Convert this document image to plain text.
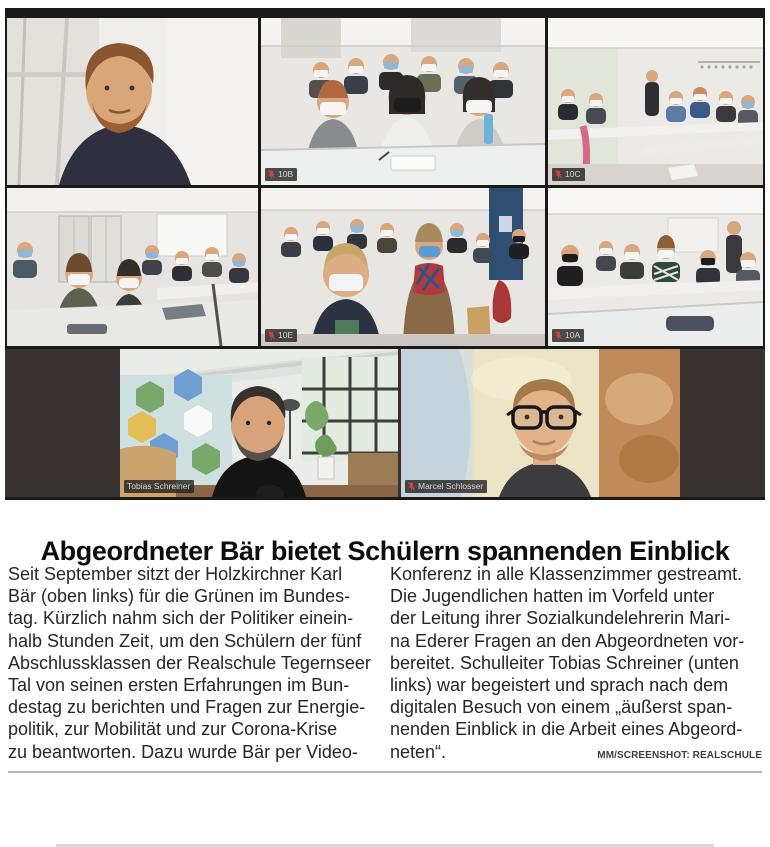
10B	10C
10E	10A
Tobias Schreiner	Marcel Schlosser
Abgeordneter Bär bietet Schülern spannenden Einblick
Seit September sitzt der Holzkirchner Karl
Bär (oben links) für die Grünen im Bundes-
tag. Kürzlich nahm sich der Politiker einein-
halb Stunden Zeit, um den Schülern der fünf
Abschlussklassen der Realschule Tegernseer
Tal von seinen ersten Erfahrungen im Bun-
destag zu berichten und Fragen zur Energie-
politik, zur Mobilität und zur Corona-Krise
zu beantworten. Dazu wurde Bär per Video-
Konferenz in alle Klassenzimmer gestreamt.
Die Jugendlichen hatten im Vorfeld unter
der Leitung ihrer Sozialkundelehrerin Mari-
na Ederer Fragen an den Abgeordneten vor-
bereitet. Schulleiter Tobias Schreiner (unten
links) war begeistert und sprach nach dem
digitalen Besuch von einem „äußerst span-
nenden Einblick in die Arbeit eines Abgeord-
neten“.	MM/SCREENSHOT: REALSCHULE
